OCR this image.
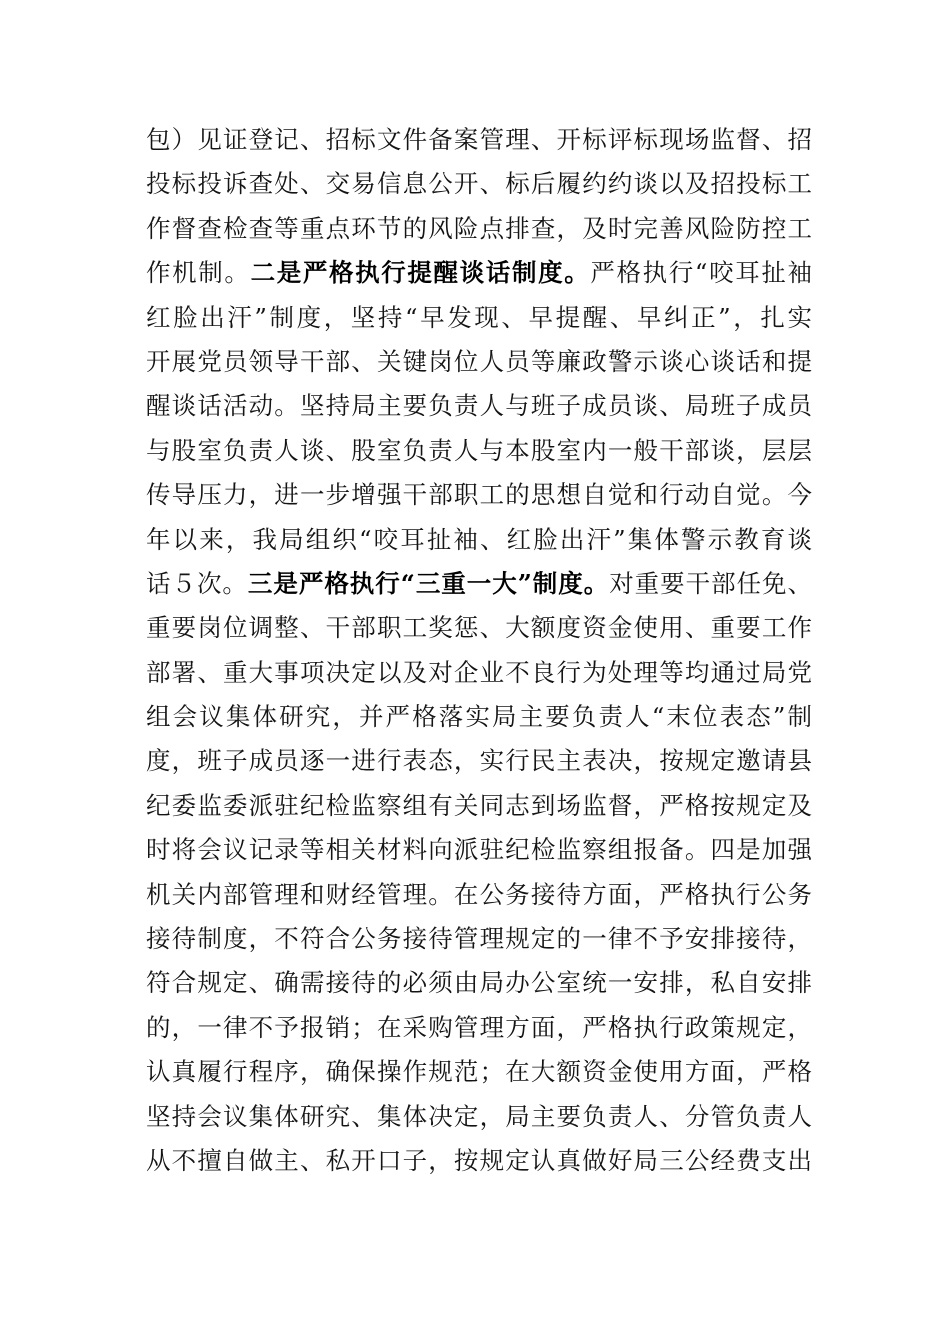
包）见证登记、招标文件备案管理、开标评标现场监督、招
投标投诉查处、交易信息公开、标后履约约谈以及招投标工
作督查检查等重点环节的风险点排查，及时完善风险防控工
作机制。二是严格执行提醒谈话制度。严格执行“咬耳扯袖
红脸出汗”制度，坚持“早发现、早提醒、早纠正”，扎实
开展党员领导干部、关键岗位人员等廉政警示谈心谈话和提
醒谈话活动。坚持局主要负责人与班子成员谈、局班子成员
与股室负责人谈、股室负责人与本股室内一般干部谈，层层
传导压力，进一步增强干部职工的思想自觉和行动自觉。今
年以来，我局组织“咬耳扯袖、红脸出汗”集体警示教育谈
话５次。三是严格执行“三重一大”制度。对重要干部任免、
重要岗位调整、干部职工奖惩、大额度资金使用、重要工作
部署、重大事项决定以及对企业不良行为处理等均通过局党
组会议集体研究，并严格落实局主要负责人“末位表态”制
度，班子成员逐一进行表态，实行民主表决，按规定邀请县
纪委监委派驻纪检监察组有关同志到场监督，严格按规定及
时将会议记录等相关材料向派驻纪检监察组报备。四是加强
机关内部管理和财经管理。在公务接待方面，严格执行公务
接待制度，不符合公务接待管理规定的一律不予安排接待，
符合规定、确需接待的必须由局办公室统一安排，私自安排
的，一律不予报销；在采购管理方面，严格执行政策规定，
认真履行程序，确保操作规范；在大额资金使用方面，严格
坚持会议集体研究、集体决定，局主要负责人、分管负责人
从不擅自做主、私开口子，按规定认真做好局三公经费支出
